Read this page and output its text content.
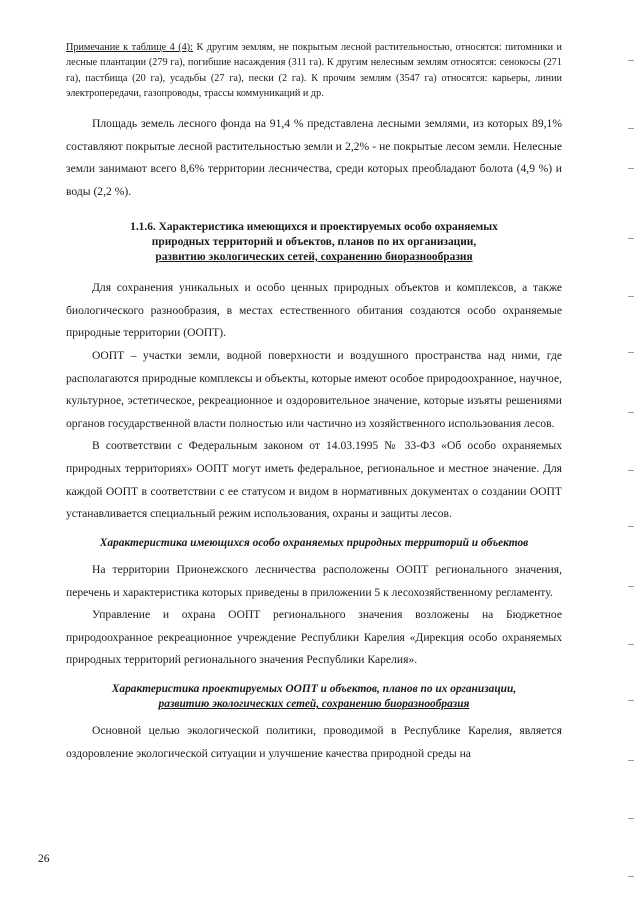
Примечание к таблице 4 (4): К другим землям, не покрытым лесной растительностью, относятся: питомники и лесные плантации (279 га), погибшие насаждения (311 га). К другим нелесным землям относятся: сенокосы (271 га), пастбища (20 га), усадьбы (27 га), пески (2 га). К прочим землям (3547 га) относятся: карьеры, линии электропередачи, газопроводы, трассы коммуникаций и др.

Площадь земель лесного фонда на 91,4 % представлена лесными землями, из которых 89,1% составляют покрытые лесной растительностью земли и 2,2% - не покрытые лесом земли. Нелесные земли занимают всего 8,6% территории лесничества, среди которых преобладают болота (4,9 %) и воды (2,2 %).

1.1.6. Характеристика имеющихся и проектируемых особо охраняемых
природных территорий и объектов, планов по их организации,
развитию экологических сетей, сохранению биоразнообразия

Для сохранения уникальных и особо ценных природных объектов и комплексов, а также биологического разнообразия, в местах естественного обитания создаются особо охраняемые природные территории (ООПТ).

ООПТ – участки земли, водной поверхности и воздушного пространства над ними, где располагаются природные комплексы и объекты, которые имеют особое природоохранное, научное, культурное, эстетическое, рекреационное и оздоровительное значение, которые изъяты решениями органов государственной власти полностью или частично из хозяйственного использования лесов.

В соответствии с Федеральным законом от 14.03.1995 № 33-ФЗ «Об особо охраняемых природных территориях» ООПТ могут иметь федеральное, региональное и местное значение. Для каждой ООПТ в соответствии с ее статусом и видом в нормативных документах о создании ООПТ устанавливается специальный режим использования, охраны и защиты лесов.

Характеристика имеющихся особо охраняемых природных территорий и объектов

На территории Прионежского лесничества расположены ООПТ регионального значения, перечень и характеристика которых приведены в приложении 5 к лесохозяйственному регламенту.

Управление и охрана ООПТ регионального значения возложены на Бюджетное природоохранное рекреационное учреждение Республики Карелия «Дирекция особо охраняемых природных территорий регионального значения Республики Карелия».

Характеристика проектируемых ООПТ и объектов, планов по их организации,
развитию экологических сетей, сохранению биоразнообразия

Основной целью экологической политики, проводимой в Республике Карелия, является оздоровление экологической ситуации и улучшение качества природной среды на

26
